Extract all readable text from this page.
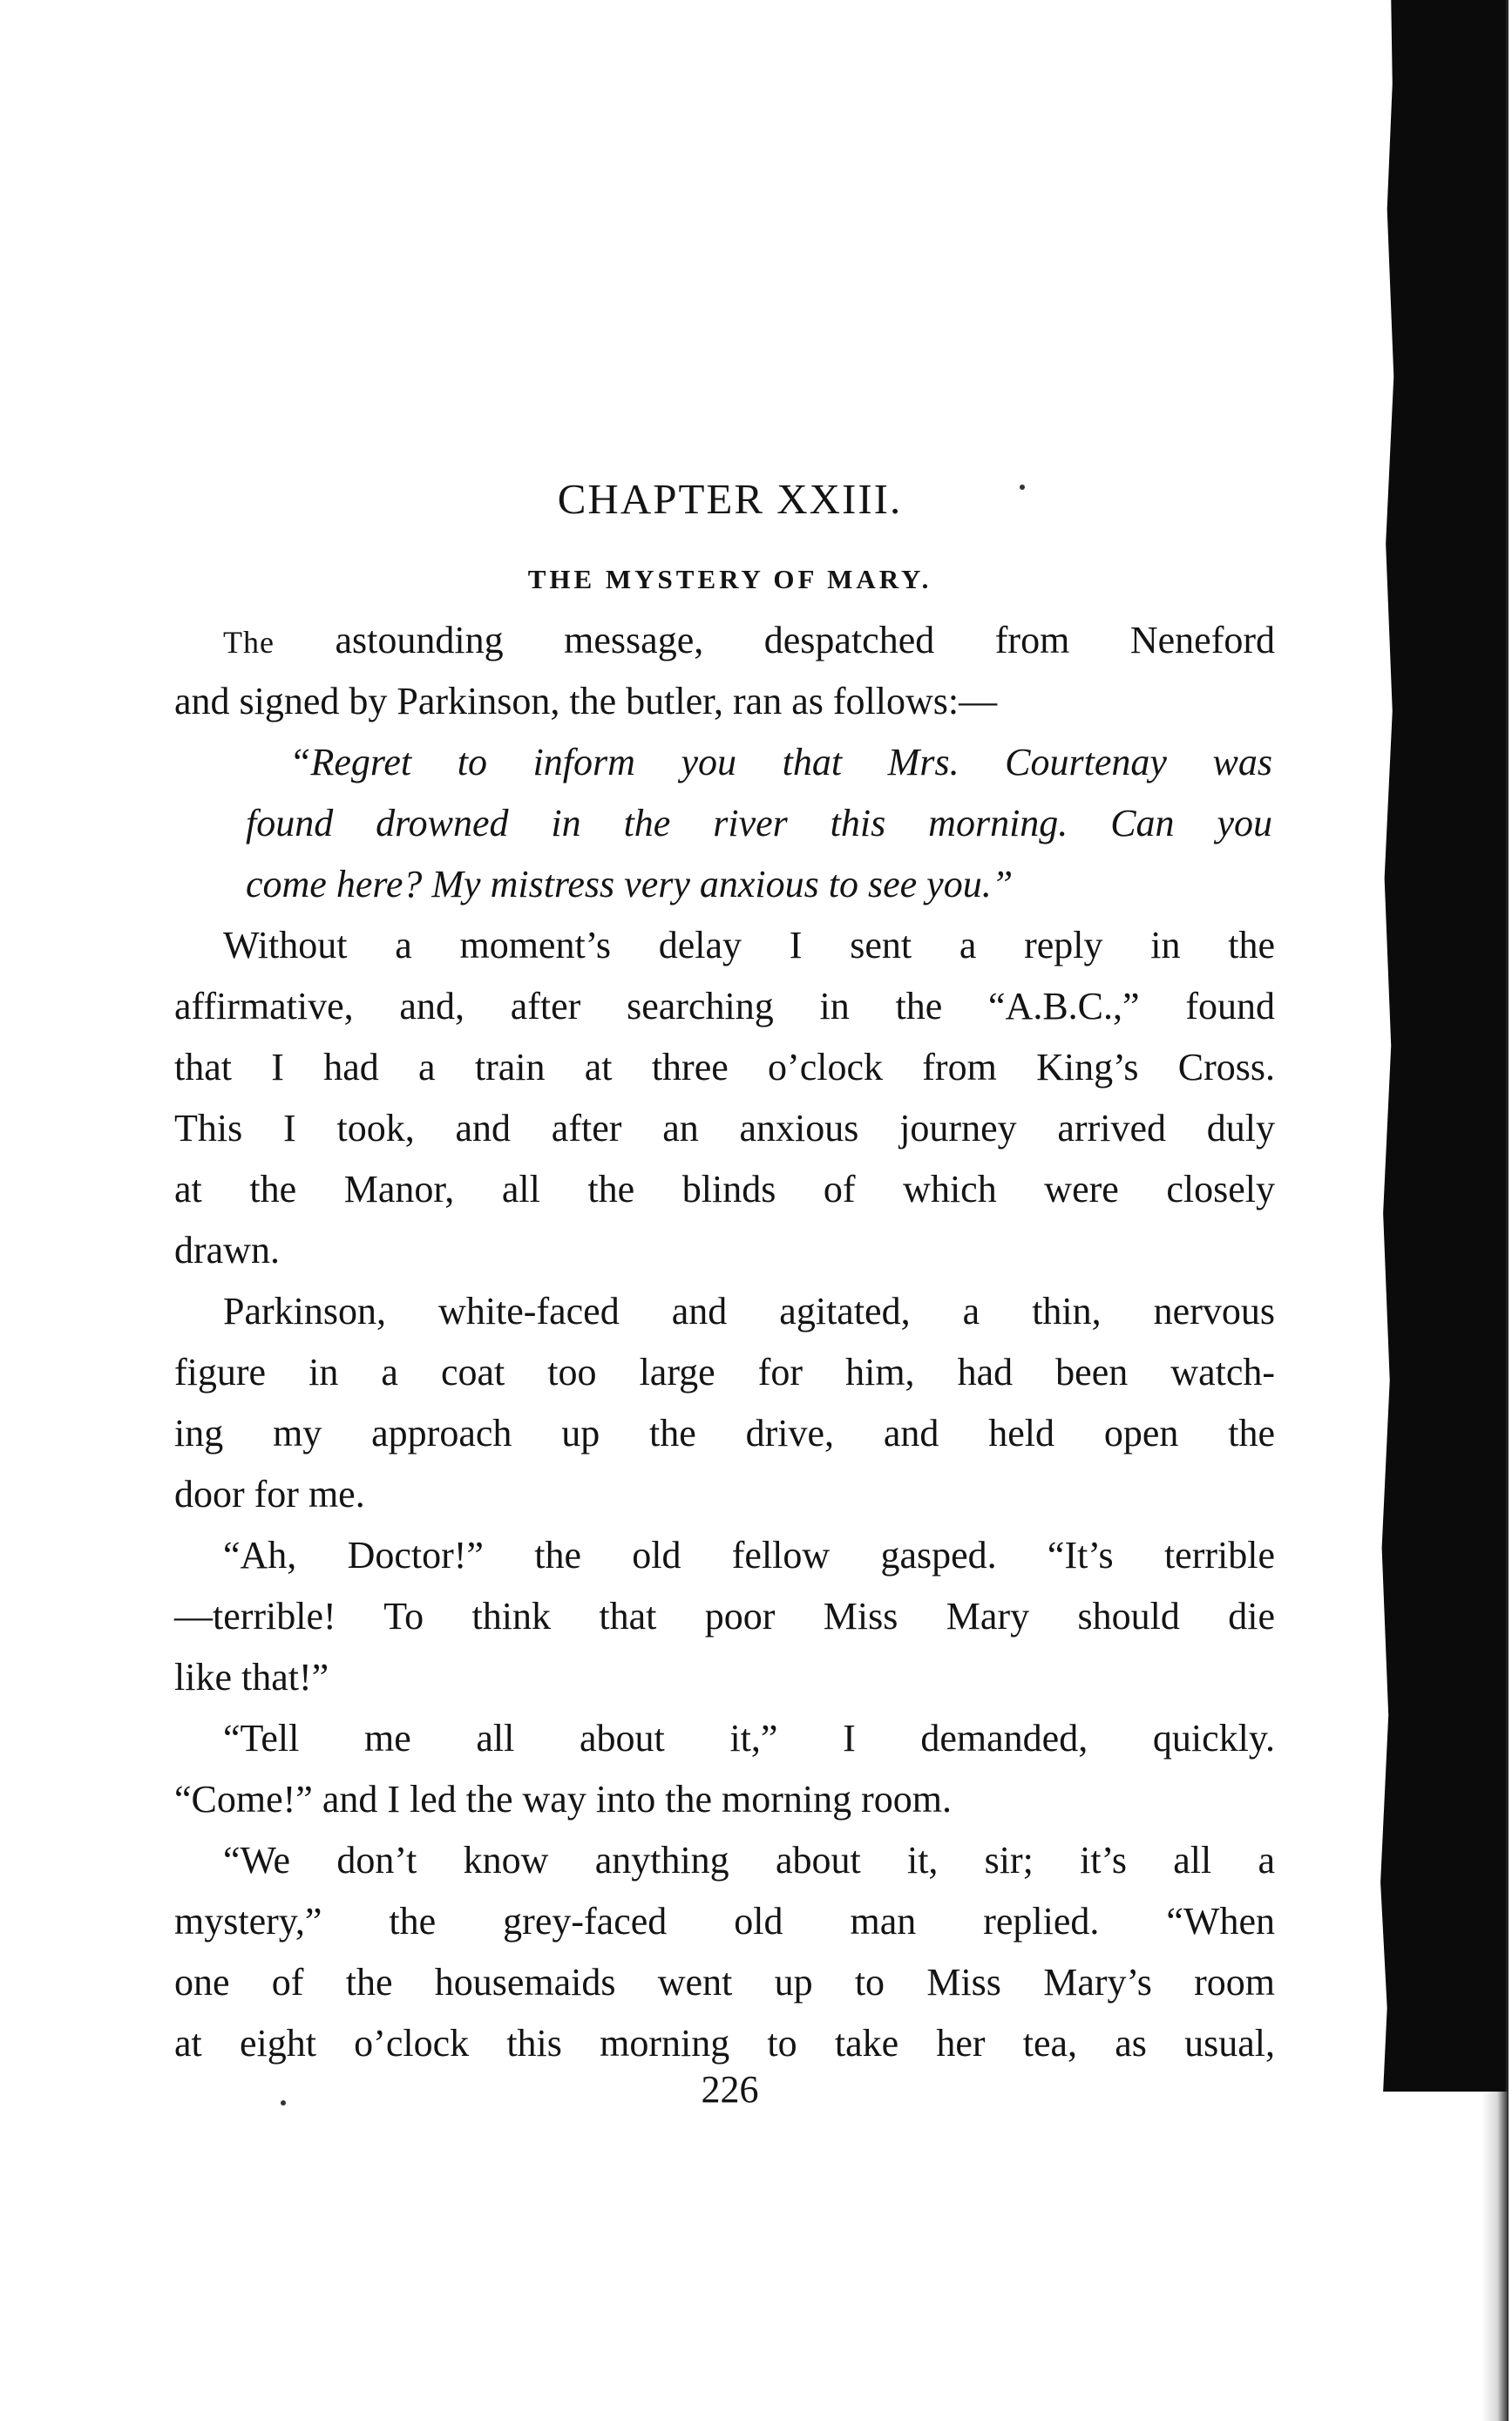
CHAPTER XXIII.
THE MYSTERY OF MARY.
The astounding message, despatched from Neneford
and signed by Parkinson, the butler, ran as follows:—
“Regret to inform you that Mrs. Courtenay was
found drowned in the river this morning. Can you
come here? My mistress very anxious to see you.”
Without a moment’s delay I sent a reply in the
affirmative, and, after searching in the “A.B.C.,” found
that I had a train at three o’clock from King’s Cross.
This I took, and after an anxious journey arrived duly
at the Manor, all the blinds of which were closely
drawn.
Parkinson, white-faced and agitated, a thin, nervous
figure in a coat too large for him, had been watch-
ing my approach up the drive, and held open the
door for me.
“Ah, Doctor!” the old fellow gasped. “It’s terrible
—terrible! To think that poor Miss Mary should die
like that!”
“Tell me all about it,” I demanded, quickly.
“Come!” and I led the way into the morning room.
“We don’t know anything about it, sir; it’s all a
mystery,” the grey-faced old man replied. “When
one of the housemaids went up to Miss Mary’s room
at eight o’clock this morning to take her tea, as usual,
226
